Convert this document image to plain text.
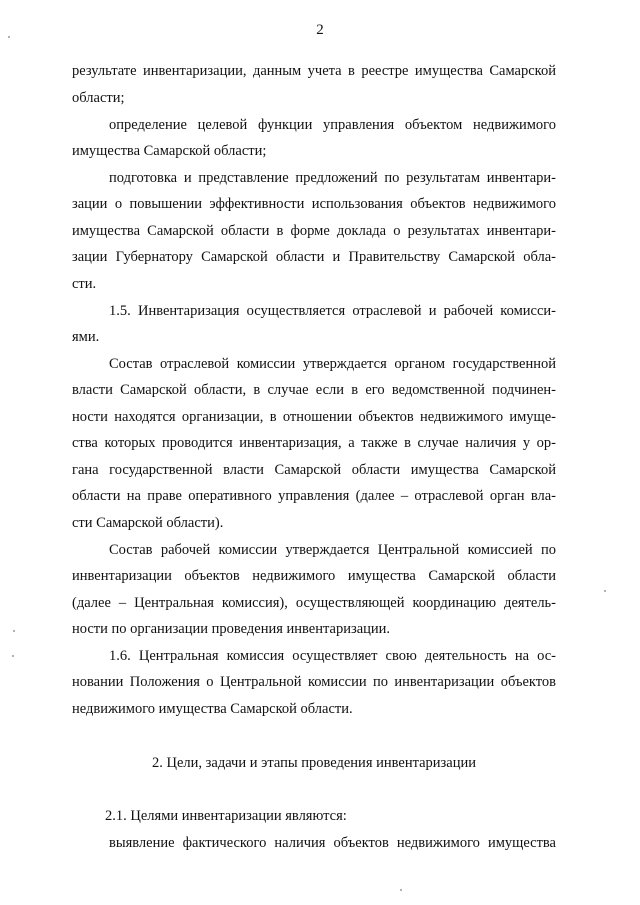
2
результате инвентаризации, данным учета в реестре имущества Самарской
области;
определение целевой функции управления объектом недвижимого
имущества Самарской области;
подготовка и представление предложений по результатам инвентари-
зации о повышении эффективности использования объектов недвижимого
имущества Самарской области в форме доклада о результатах инвентари-
зации Губернатору Самарской области и Правительству Самарской обла-
сти.
1.5. Инвентаризация осуществляется отраслевой и рабочей комисси-
ями.
Состав отраслевой комиссии утверждается органом государственной
власти Самарской области, в случае если в его ведомственной подчинен-
ности находятся организации, в отношении объектов недвижимого имуще-
ства которых проводится инвентаризация, а также в случае наличия у ор-
гана государственной власти Самарской области имущества Самарской
области на праве оперативного управления (далее – отраслевой орган вла-
сти Самарской области).
Состав рабочей комиссии утверждается Центральной комиссией по
инвентаризации объектов недвижимого имущества Самарской области
(далее – Центральная комиссия), осуществляющей координацию деятель-
ности по организации проведения инвентаризации.
1.6. Центральная комиссия осуществляет свою деятельность на ос-
новании Положения о Центральной комиссии по инвентаризации объектов
недвижимого имущества Самарской области.
2. Цели, задачи и этапы проведения инвентаризации
2.1. Целями инвентаризации являются:
выявление фактического наличия объектов недвижимого имущества
